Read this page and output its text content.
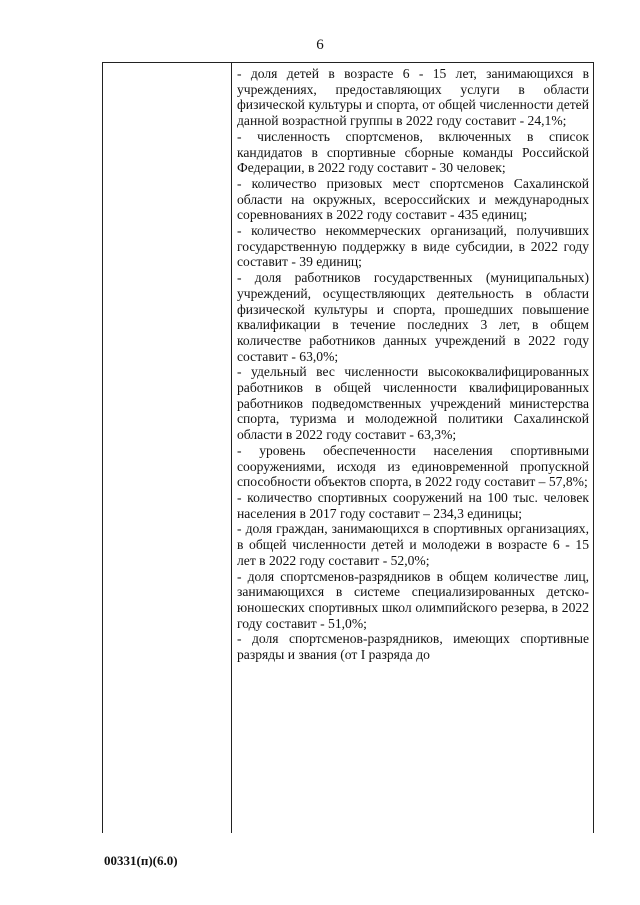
6

- доля детей в возрасте 6 - 15 лет, занимающихся в учреждениях, предоставляющих услуги в области физической культуры и спорта, от общей численности детей данной возрастной группы в 2022 году составит - 24,1%;

- численность спортсменов, включенных в список кандидатов в спортивные сборные команды Российской Федерации, в 2022 году составит - 30 человек;

- количество призовых мест спортсменов Сахалинской области на окружных, всероссийских и международных соревнованиях в 2022 году составит - 435 единиц;

- количество некоммерческих организаций, получивших государственную поддержку в виде субсидии, в 2022 году составит - 39 единиц;

- доля работников государственных (муниципальных) учреждений, осуществляющих деятельность в области физической культуры и спорта, прошедших повышение квалификации в течение последних 3 лет, в общем количестве работников данных учреждений в 2022 году составит - 63,0%;

- удельный вес численности высококвалифицированных работников в общей численности квалифицированных работников подведомственных учреждений министерства спорта, туризма и молодежной политики Сахалинской области в 2022 году составит - 63,3%;

- уровень обеспеченности населения спортивными сооружениями, исходя из единовременной пропускной способности объектов спорта, в 2022 году составит – 57,8%;

- количество спортивных сооружений на 100 тыс. человек населения в 2017 году составит – 234,3 единицы;

- доля граждан, занимающихся в спортивных организациях, в общей численности детей и молодежи в возрасте 6 - 15 лет в 2022 году составит - 52,0%;

- доля спортсменов-разрядников в общем количестве лиц, занимающихся в системе специализированных детско-юношеских спортивных школ олимпийского резерва, в 2022 году составит - 51,0%;

- доля спортсменов-разрядников, имеющих спортивные разряды и звания (от I разряда до

00331(п)(6.0)
